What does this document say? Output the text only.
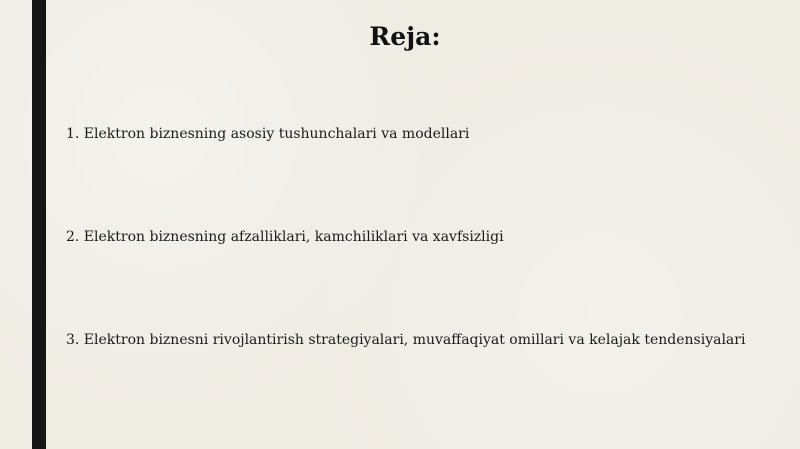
Reja:
1. Elektron biznesning asosiy tushunchalari va modellari
2. Elektron biznesning afzalliklari, kamchiliklari va xavfsizligi
3. Elektron biznesni rivojlantirish strategiyalari, muvaffaqiyat omillari va kelajak tendensiyalari
